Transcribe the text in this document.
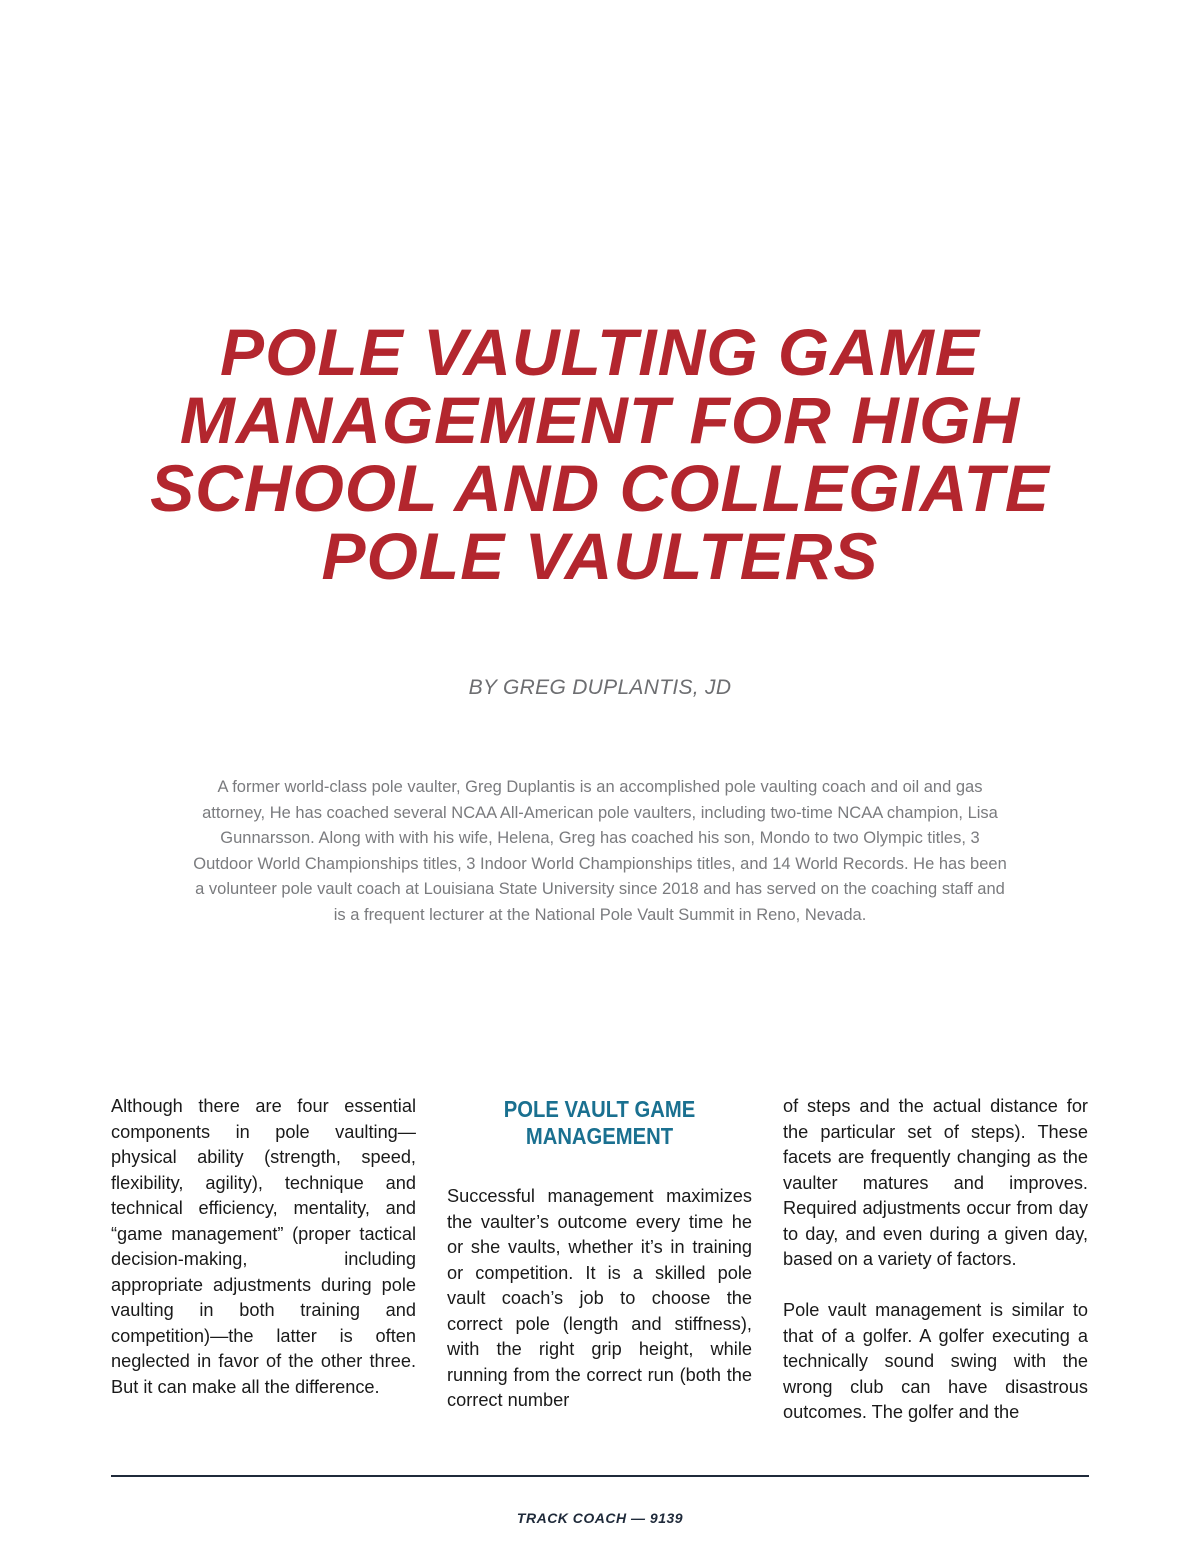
POLE VAULTING GAME
MANAGEMENT FOR HIGH
SCHOOL AND COLLEGIATE
POLE VAULTERS
BY GREG DUPLANTIS, JD
A former world-class pole vaulter, Greg Duplantis is an accomplished pole vaulting coach and oil and gas attorney, He has coached several NCAA All-American pole vaulters, including two-time NCAA champion, Lisa Gunnarsson. Along with with his wife, Helena, Greg has coached his son, Mondo to two Olympic titles, 3 Outdoor World Championships titles, 3 Indoor World Championships titles, and 14 World Records. He has been a volunteer pole vault coach at Louisiana State University since 2018 and has served on the coaching staff and is a frequent lecturer at the National Pole Vault Summit in Reno, Nevada.

Although there are four essential components in pole vaulting—physical ability (strength, speed, flexibility, agility), technique and technical efficiency, mentality, and “game management” (proper tactical decision-making, including appropriate adjustments during pole vaulting in both training and competition)—the latter is often neglected in favor of the other three. But it can make all the difference.

POLE VAULT GAME
MANAGEMENT

Successful management maximizes the vaulter’s outcome every time he or she vaults, whether it’s in training or competition. It is a skilled pole vault coach’s job to choose the correct pole (length and stiffness), with the right grip height, while running from the correct run (both the correct number

of steps and the actual distance for the particular set of steps). These facets are frequently changing as the vaulter matures and improves. Required adjustments occur from day to day, and even during a given day, based on a variety of factors.

Pole vault management is similar to that of a golfer. A golfer executing a technically sound swing with the wrong club can have disastrous outcomes. The golfer and the

TRACK COACH — 9139
